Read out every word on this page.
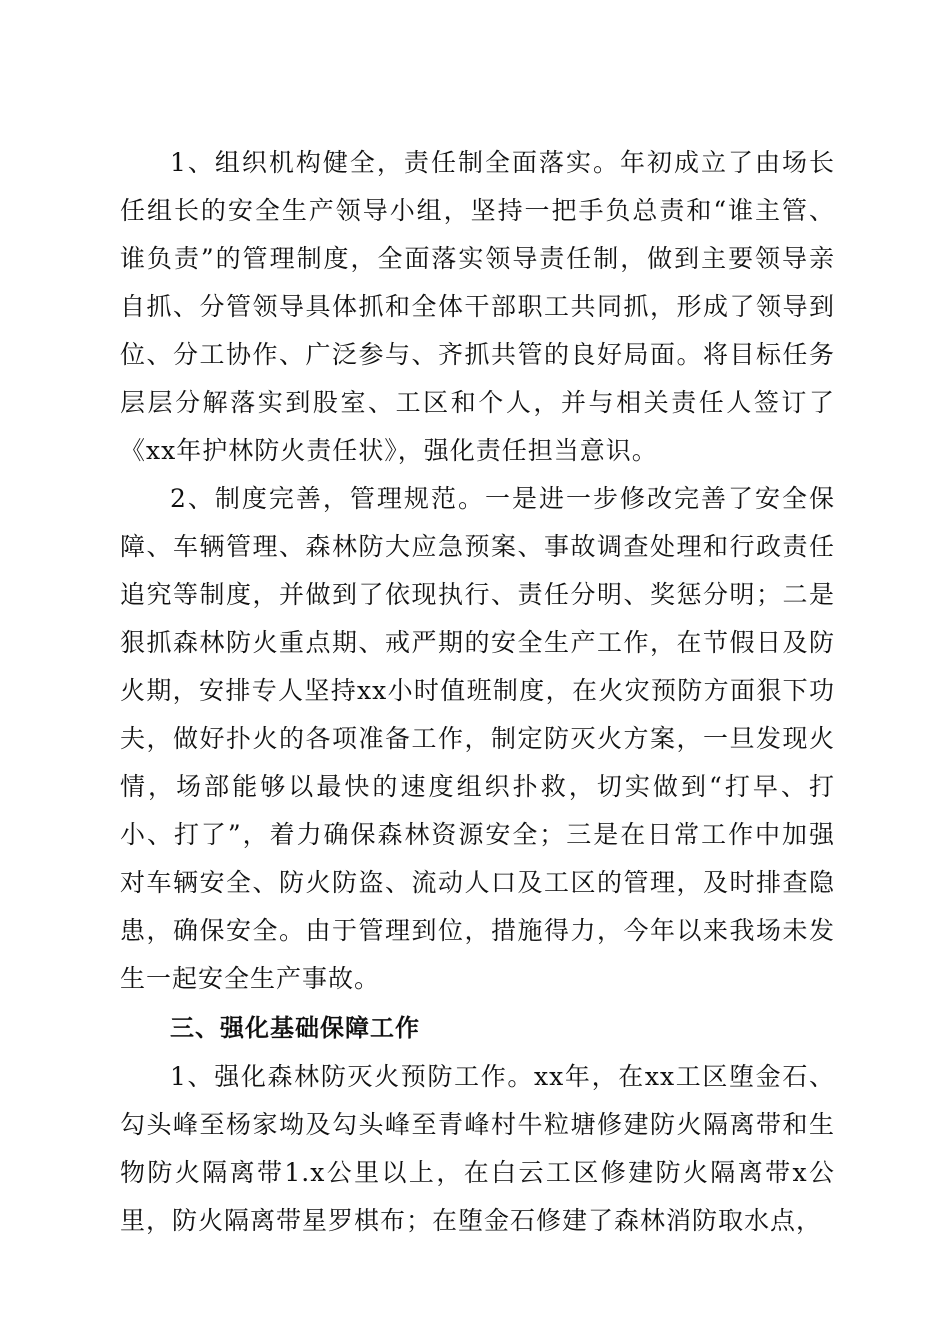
1、组织机构健全，责任制全面落实。年初成立了由场长任组长的安全生产领导小组，坚持一把手负总责和“谁主管、谁负责”的管理制度，全面落实领导责任制，做到主要领导亲自抓、分管领导具体抓和全体干部职工共同抓，形成了领导到位、分工协作、广泛参与、齐抓共管的良好局面。将目标任务层层分解落实到股室、工区和个人，并与相关责任人签订了《xx年护林防火责任状》，强化责任担当意识。

2、制度完善，管理规范。一是进一步修改完善了安全保障、车辆管理、森林防大应急预案、事故调查处理和行政责任追究等制度，并做到了依现执行、责任分明、奖惩分明；二是狠抓森林防火重点期、戒严期的安全生产工作，在节假日及防火期，安排专人坚持xx小时值班制度，在火灾预防方面狠下功夫，做好扑火的各项准备工作，制定防灭火方案，一旦发现火情，场部能够以最快的速度组织扑救，切实做到“打早、打小、打了”，着力确保森林资源安全；三是在日常工作中加强对车辆安全、防火防盗、流动人口及工区的管理，及时排查隐患，确保安全。由于管理到位，措施得力，今年以来我场未发生一起安全生产事故。

三、强化基础保障工作

1、强化森林防灭火预防工作。xx年，在xx工区堕金石、勾头峰至杨家坳及勾头峰至青峰村牛粒塘修建防火隔离带和生物防火隔离带1.x公里以上，在白云工区修建防火隔离带x公里，防火隔离带星罗棋布；在堕金石修建了森林消防取水点，
